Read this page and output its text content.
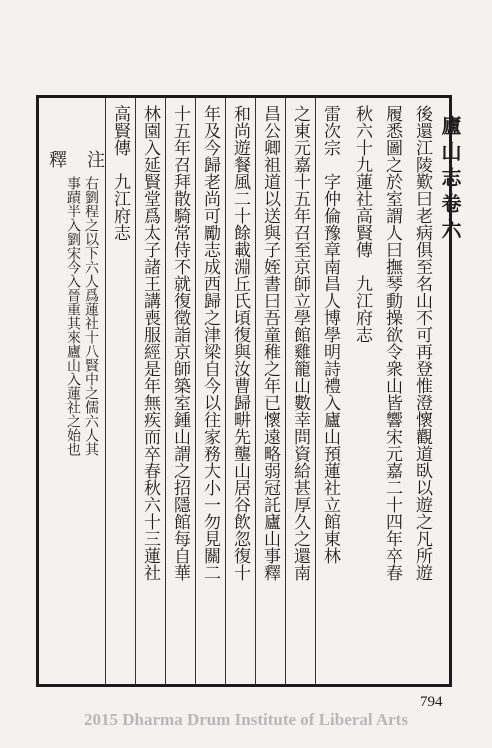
後還江陵歎曰老病俱至名山不可再登惟澄懷觀道臥以遊之凡所遊
履悉圖之於室謂人曰撫琴動操欲令衆山皆響宋元嘉二十四年卒春
秋六十九蓮社高賢傳　九江府志	廬山志卷六
雷次宗　字仲倫豫章南昌人博學明詩禮入廬山預蓮社立館東林
之東元嘉十五年召至京師立學館雞籠山數幸問資給甚厚久之還南
昌公卿祖道以送與子姪書曰吾童稚之年已懷遠略弱冠託廬山事釋
和尚遊餐風二十餘載淵丘氏頃復與汝曹歸畊先壟山居谷飲忽復十
年及今歸老尚可勵志成西歸之津梁自今以往家務大小一勿見關二
十五年召拜散騎常侍不就復徵詣京師築室鍾山謂之招隱館每自華
林園入延賢堂爲太子諸王講喪服經是年無疾而卒春秋六十三蓮社
高賢傳　九江府志
注
右劉程之以下六人爲蓮社十八賢中之儒六人其
事蹟半入劉宋今入晉重其來廬山入蓮社之始也
釋
794
2015 Dharma Drum Institute of Liberal Arts
